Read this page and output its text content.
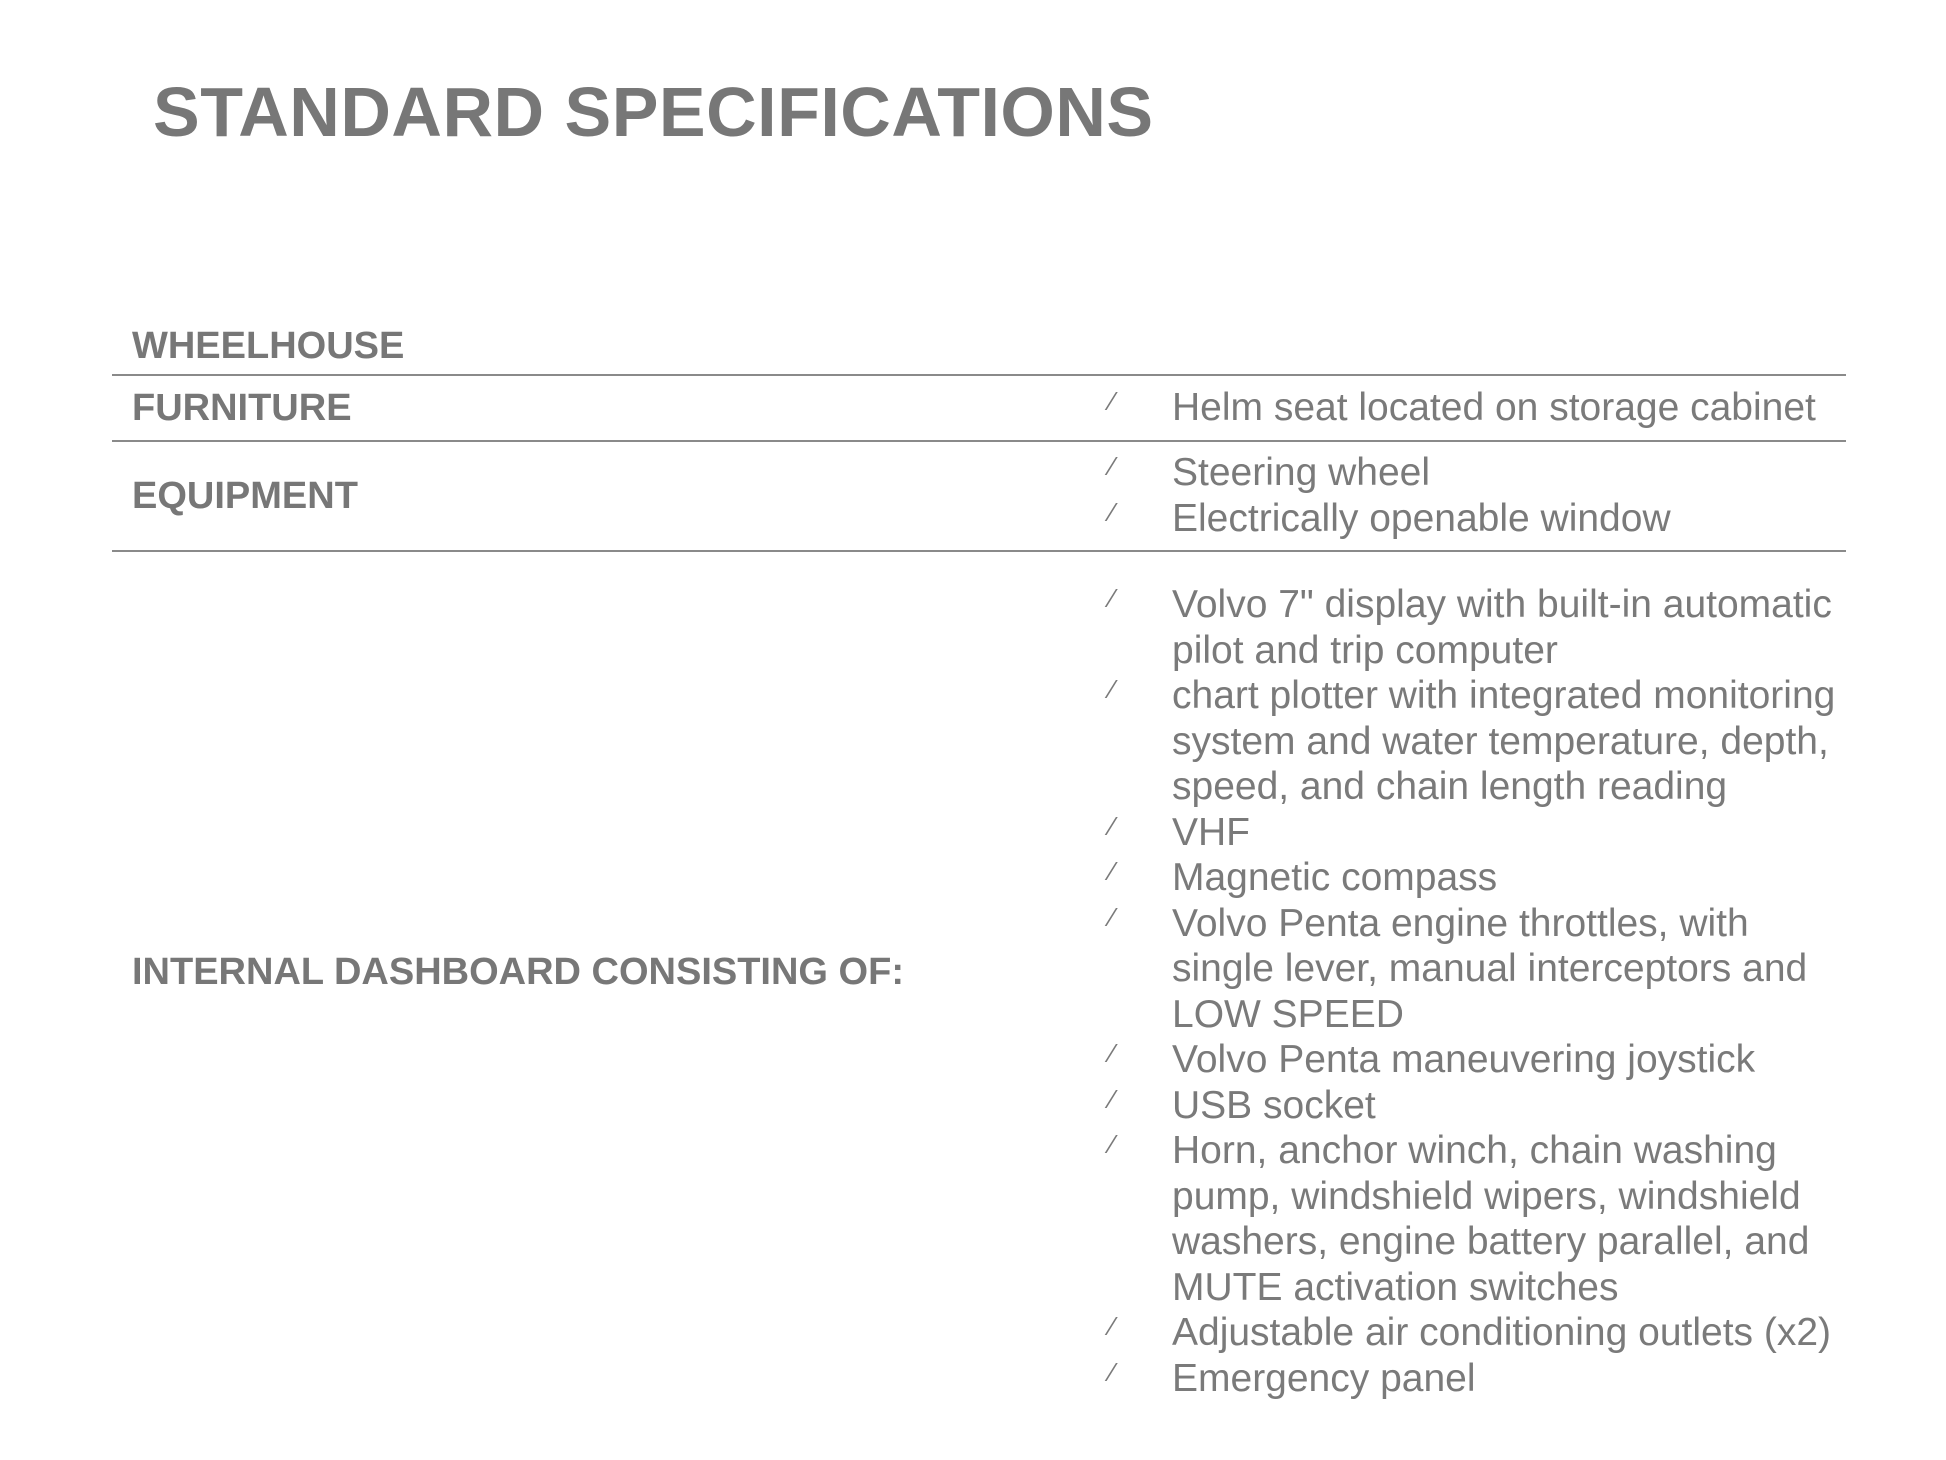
STANDARD SPECIFICATIONS
WHEELHOUSE
FURNITURE	⁄ Helm seat located on storage cabinet
EQUIPMENT
⁄ Steering wheel
⁄ Electrically openable window
INTERNAL DASHBOARD CONSISTING OF:
⁄ Volvo 7" display with built-in automatic pilot and trip computer
⁄ chart plotter with integrated monitoring system and water temperature, depth, speed, and chain length reading
⁄ VHF
⁄ Magnetic compass
⁄ Volvo Penta engine throttles, with single lever, manual interceptors and LOW SPEED
⁄ Volvo Penta maneuvering joystick
⁄ USB socket
⁄ Horn, anchor winch, chain washing pump, windshield wipers, windshield washers, engine battery parallel, and MUTE activation switches
⁄ Adjustable air conditioning outlets (x2)
⁄ Emergency panel
